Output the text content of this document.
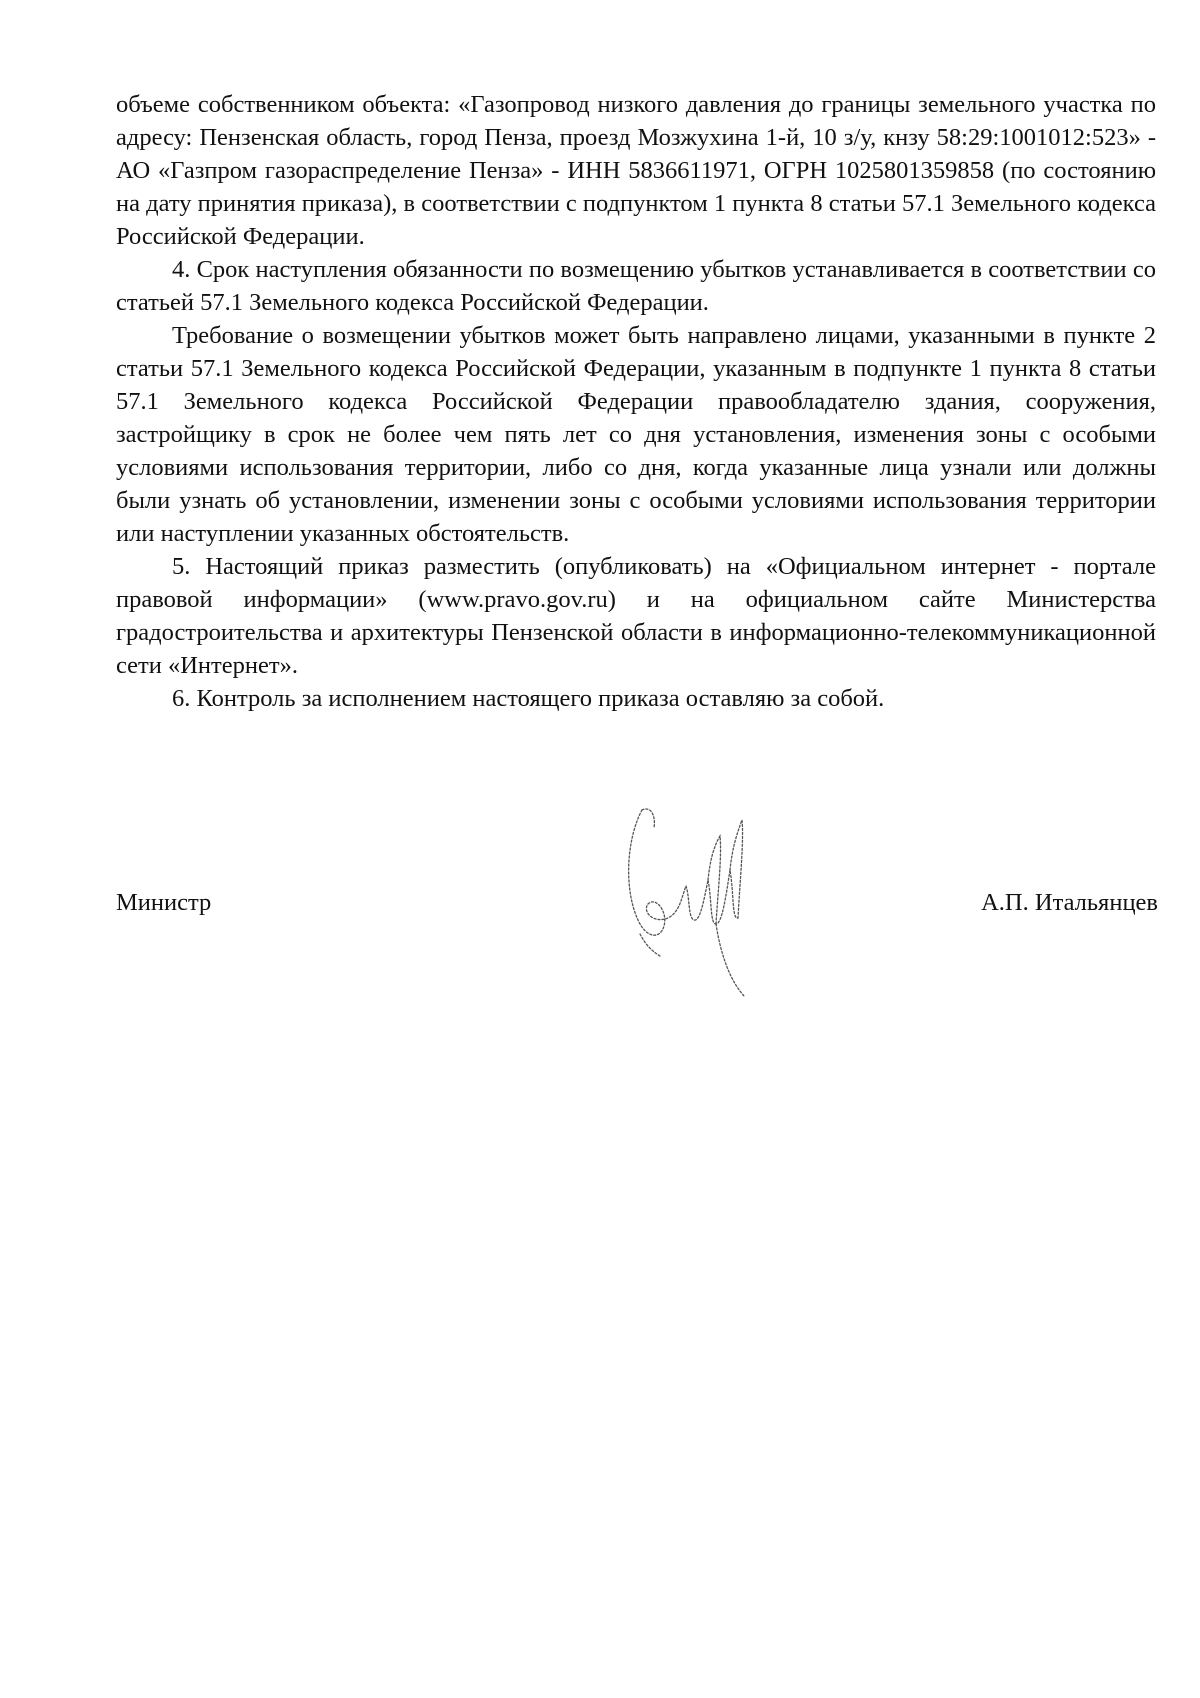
объеме собственником объекта: «Газопровод низкого давления до границы земельного участка по адресу: Пензенская область, город Пенза, проезд Мозжухина 1-й, 10 з/у, кнзу 58:29:1001012:523» - АО «Газпром газораспределение Пенза» - ИНН 5836611971, ОГРН 1025801359858 (по состоянию на дату принятия приказа), в соответствии с подпунктом 1 пункта 8 статьи 57.1 Земельного кодекса Российской Федерации.

4. Срок наступления обязанности по возмещению убытков устанавливается в соответствии со статьей 57.1 Земельного кодекса Российской Федерации.

Требование о возмещении убытков может быть направлено лицами, указанными в пункте 2 статьи 57.1 Земельного кодекса Российской Федерации, указанным в подпункте 1 пункта 8 статьи 57.1 Земельного кодекса Российской Федерации правообладателю здания, сооружения, застройщику в срок не более чем пять лет со дня установления, изменения зоны с особыми условиями использования территории, либо со дня, когда указанные лица узнали или должны были узнать об установлении, изменении зоны с особыми условиями использования территории или наступлении указанных обстоятельств.

5. Настоящий приказ разместить (опубликовать) на «Официальном интернет - портале правовой информации» (www.pravo.gov.ru) и на официальном сайте Министерства градостроительства и архитектуры Пензенской области в информационно-телекоммуникационной сети «Интернет».

6. Контроль за исполнением настоящего приказа оставляю за собой.

Министр	А.П. Итальянцев
